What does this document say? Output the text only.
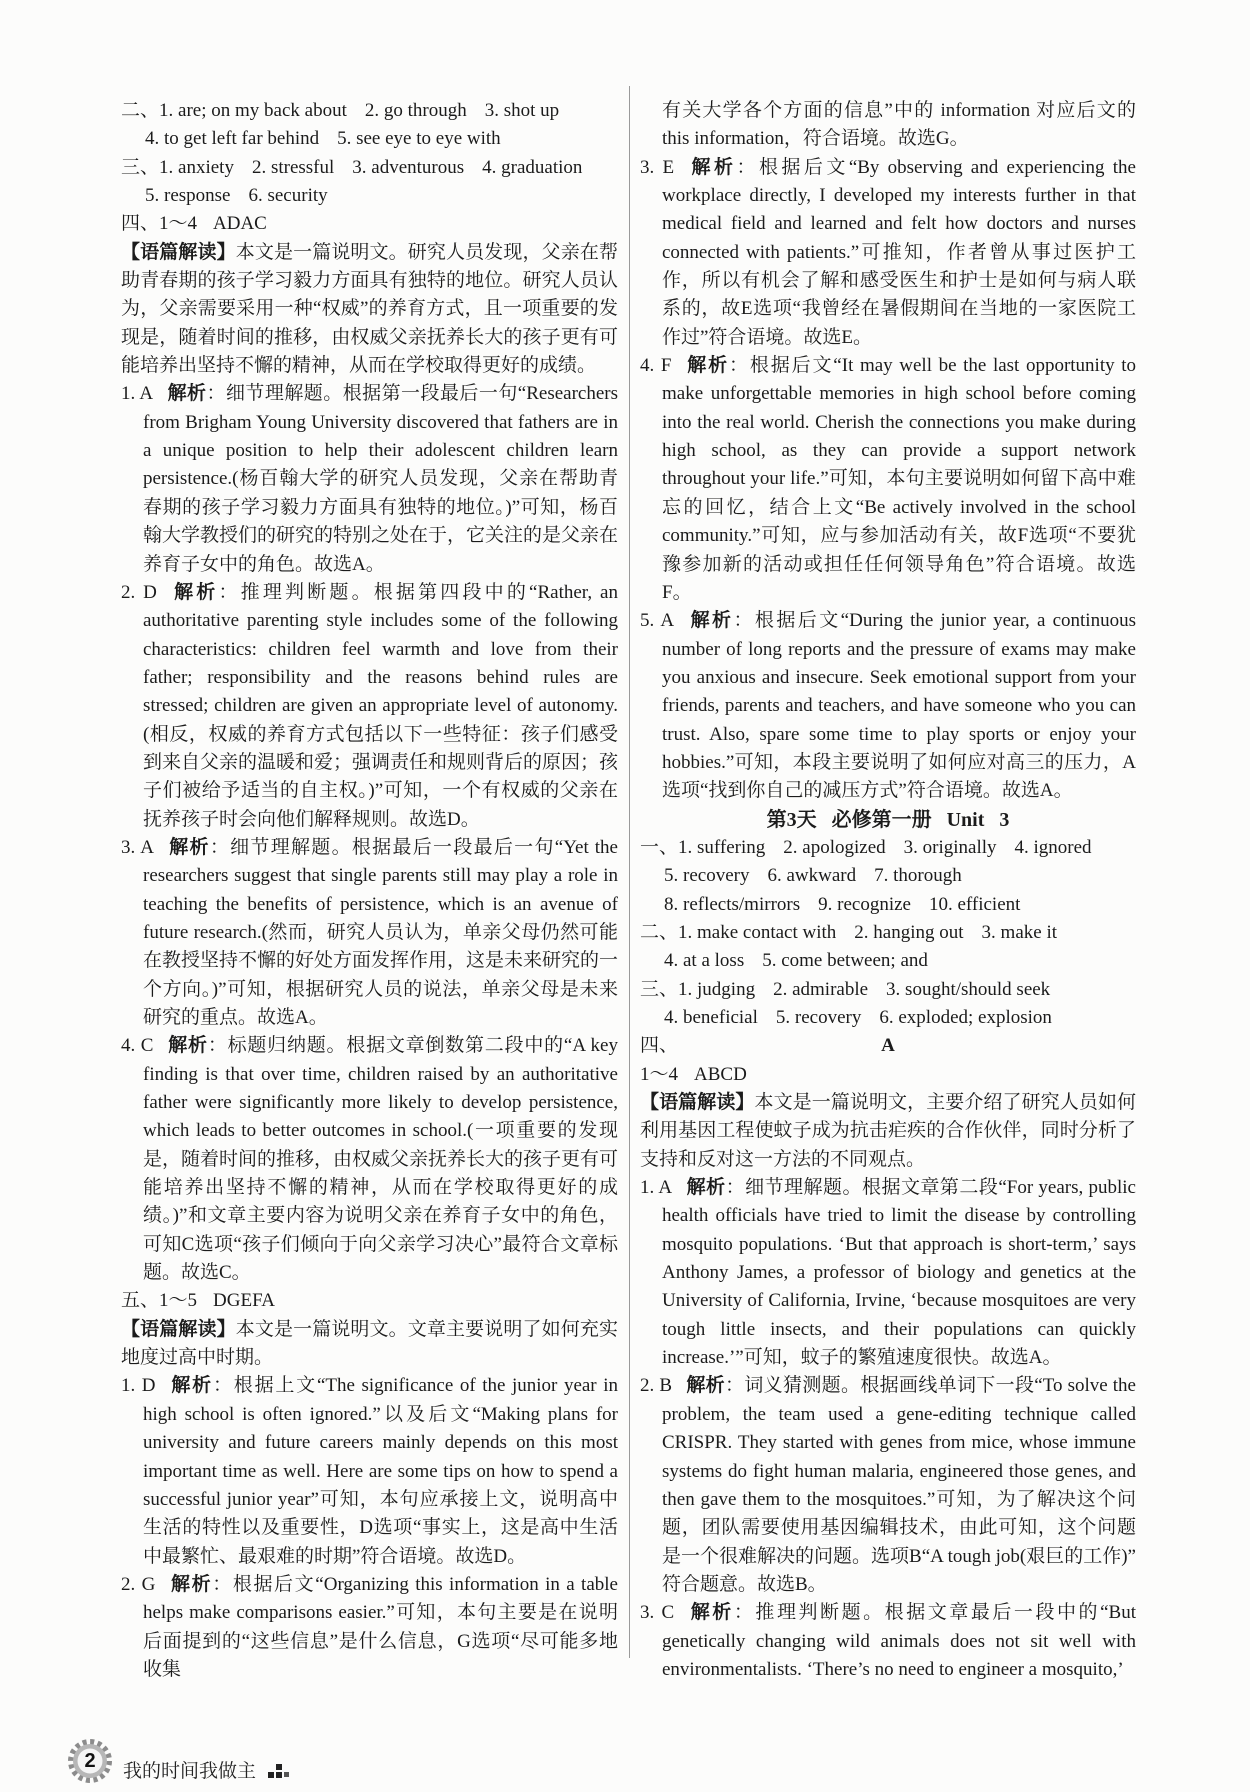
二、1. are; on my back about 2. go through 3. shot up
4. to get left far behind 5. see eye to eye with
三、1. anxiety 2. stressful 3. adventurous 4. graduation
5. response 6. security
四、1～4 ADAC

【语篇解读】本文是一篇说明文。研究人员发现，父亲在帮助青春期的孩子学习毅力方面具有独特的地位。研究人员认为，父亲需要采用一种“权威”的养育方式，且一项重要的发现是，随着时间的推移，由权威父亲抚养长大的孩子更有可能培养出坚持不懈的精神，从而在学校取得更好的成绩。

1. A 解析：细节理解题。根据第一段最后一句“Researchers from Brigham Young University discovered that fathers are in a unique position to help their adolescent children learn persistence.(杨百翰大学的研究人员发现，父亲在帮助青春期的孩子学习毅力方面具有独特的地位。)”可知，杨百翰大学教授们的研究的特别之处在于，它关注的是父亲在养育子女中的角色。故选A。

2. D 解析：推理判断题。根据第四段中的“Rather, an authoritative parenting style includes some of the following characteristics: children feel warmth and love from their father; responsibility and the reasons behind rules are stressed; children are given an appropriate level of autonomy.(相反，权威的养育方式包括以下一些特征：孩子们感受到来自父亲的温暖和爱；强调责任和规则背后的原因；孩子们被给予适当的自主权。)”可知，一个有权威的父亲在抚养孩子时会向他们解释规则。故选D。

3. A 解析：细节理解题。根据最后一段最后一句“Yet the researchers suggest that single parents still may play a role in teaching the benefits of persistence, which is an avenue of future research.(然而，研究人员认为，单亲父母仍然可能在教授坚持不懈的好处方面发挥作用，这是未来研究的一个方向。)”可知，根据研究人员的说法，单亲父母是未来研究的重点。故选A。

4. C 解析：标题归纳题。根据文章倒数第二段中的“A key finding is that over time, children raised by an authoritative father were significantly more likely to develop persistence, which leads to better outcomes in school.(一项重要的发现是，随着时间的推移，由权威父亲抚养长大的孩子更有可能培养出坚持不懈的精神，从而在学校取得更好的成绩。)”和文章主要内容为说明父亲在养育子女中的角色，可知C选项“孩子们倾向于向父亲学习决心”最符合文章标题。故选C。

五、1～5 DGEFA

【语篇解读】本文是一篇说明文。文章主要说明了如何充实地度过高中时期。

1. D 解析：根据上文“The significance of the junior year in high school is often ignored.”以及后文“Making plans for university and future careers mainly depends on this most important time as well. Here are some tips on how to spend a successful junior year”可知，本句应承接上文，说明高中生活的特性以及重要性，D选项“事实上，这是高中生活中最繁忙、最艰难的时期”符合语境。故选D。

2. G 解析：根据后文“Organizing this information in a table helps make comparisons easier.”可知，本句主要是在说明后面提到的“这些信息”是什么信息，G选项“尽可能多地收集

有关大学各个方面的信息”中的 information 对应后文的 this information，符合语境。故选G。

3. E 解析：根据后文“By observing and experiencing the workplace directly, I developed my interests further in that medical field and learned and felt how doctors and nurses connected with patients.”可推知，作者曾从事过医护工作，所以有机会了解和感受医生和护士是如何与病人联系的，故E选项“我曾经在暑假期间在当地的一家医院工作过”符合语境。故选E。

4. F 解析：根据后文“It may well be the last opportunity to make unforgettable memories in high school before coming into the real world. Cherish the connections you make during high school, as they can provide a support network throughout your life.”可知，本句主要说明如何留下高中难忘的回忆，结合上文“Be actively involved in the school community.”可知，应与参加活动有关，故F选项“不要犹豫参加新的活动或担任任何领导角色”符合语境。故选F。

5. A 解析：根据后文“During the junior year, a continuous number of long reports and the pressure of exams may make you anxious and insecure. Seek emotional support from your friends, parents and teachers, and have someone who you can trust. Also, spare some time to play sports or enjoy your hobbies.”可知，本段主要说明了如何应对高三的压力，A选项“找到你自己的减压方式”符合语境。故选A。

第3天 必修第一册 Unit 3
一、1. suffering 2. apologized 3. originally 4. ignored
5. recovery 6. awkward 7. thorough
8. reflects/mirrors 9. recognize 10. efficient
二、1. make contact with 2. hanging out 3. make it
4. at a loss 5. come between; and
三、1. judging 2. admirable 3. sought/should seek
4. beneficial 5. recovery 6. exploded; explosion
四、	A
1～4 ABCD

【语篇解读】本文是一篇说明文，主要介绍了研究人员如何利用基因工程使蚊子成为抗击疟疾的合作伙伴，同时分析了支持和反对这一方法的不同观点。

1. A 解析：细节理解题。根据文章第二段“For years, public health officials have tried to limit the disease by controlling mosquito populations. ‘But that approach is short-term,’ says Anthony James, a professor of biology and genetics at the University of California, Irvine, ‘because mosquitoes are very tough little insects, and their populations can quickly increase.’”可知，蚊子的繁殖速度很快。故选A。

2. B 解析：词义猜测题。根据画线单词下一段“To solve the problem, the team used a gene-editing technique called CRISPR. They started with genes from mice, whose immune systems do fight human malaria, engineered those genes, and then gave them to the mosquitoes.”可知，为了解决这个问题，团队需要使用基因编辑技术，由此可知，这个问题是一个很难解决的问题。选项B“A tough job(艰巨的工作)”符合题意。故选B。

3. C 解析：推理判断题。根据文章最后一段中的“But genetically changing wild animals does not sit well with environmentalists. ‘There’s no need to engineer a mosquito,’

2	我的时间我做主
